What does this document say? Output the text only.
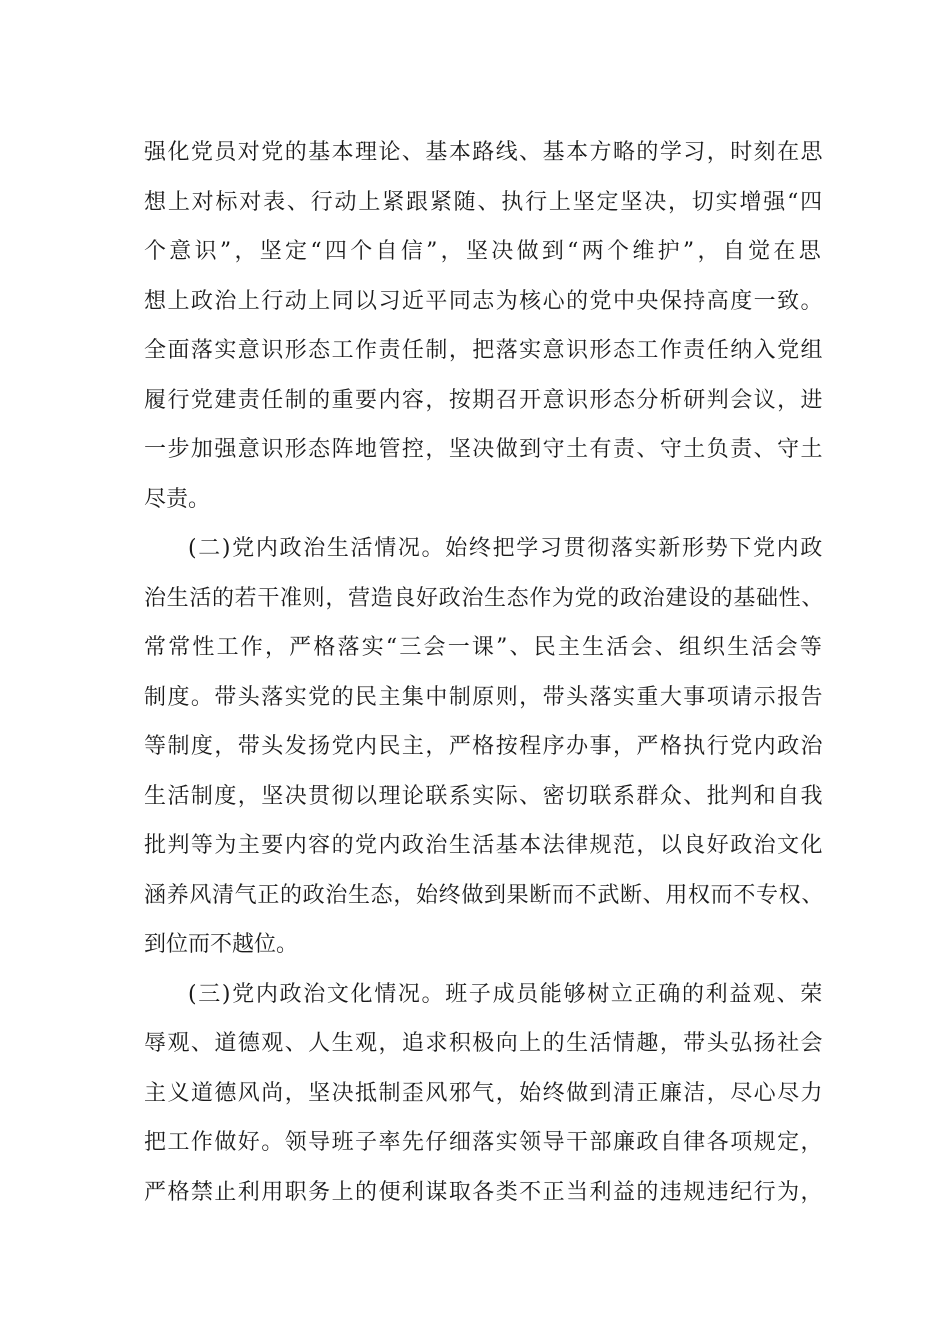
强化党员对党的基本理论、基本路线、基本方略的学习，时刻在思
想上对标对表、行动上紧跟紧随、执行上坚定坚决，切实增强“四
个意识”，坚定“四个自信”，坚决做到“两个维护”，自觉在思
想上政治上行动上同以习近平同志为核心的党中央保持高度一致。
全面落实意识形态工作责任制，把落实意识形态工作责任纳入党组
履行党建责任制的重要内容，按期召开意识形态分析研判会议，进
一步加强意识形态阵地管控，坚决做到守土有责、守土负责、守土
尽责。
(二)党内政治生活情况。始终把学习贯彻落实新形势下党内政
治生活的若干准则，营造良好政治生态作为党的政治建设的基础性、
常常性工作，严格落实“三会一课”、民主生活会、组织生活会等
制度。带头落实党的民主集中制原则，带头落实重大事项请示报告
等制度，带头发扬党内民主，严格按程序办事，严格执行党内政治
生活制度，坚决贯彻以理论联系实际、密切联系群众、批判和自我
批判等为主要内容的党内政治生活基本法律规范，以良好政治文化
涵养风清气正的政治生态，始终做到果断而不武断、用权而不专权、
到位而不越位。
(三)党内政治文化情况。班子成员能够树立正确的利益观、荣
辱观、道德观、人生观，追求积极向上的生活情趣，带头弘扬社会
主义道德风尚，坚决抵制歪风邪气，始终做到清正廉洁，尽心尽力
把工作做好。领导班子率先仔细落实领导干部廉政自律各项规定，
严格禁止利用职务上的便利谋取各类不正当利益的违规违纪行为，
